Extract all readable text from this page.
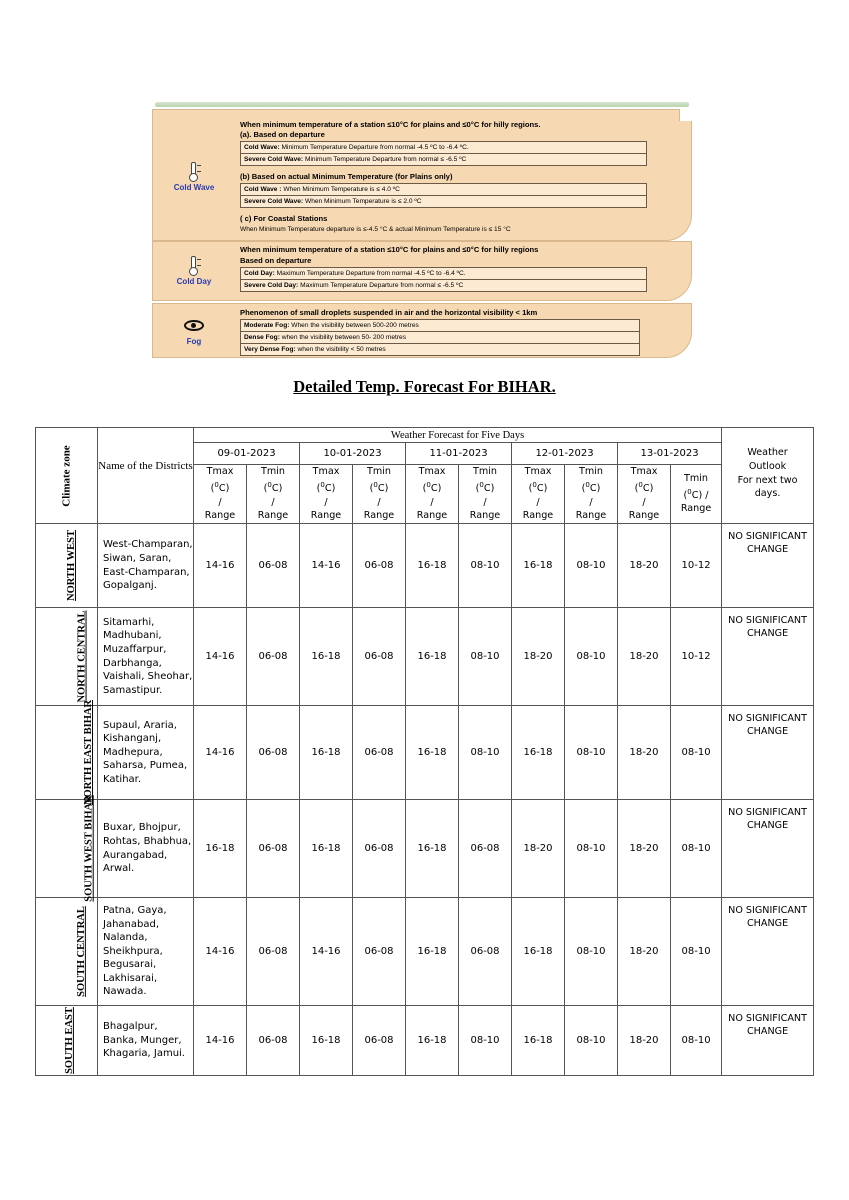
Cold Wave
When minimum temperature of a station ≤10°C for plains and ≤0°C for hilly regions.
(a). Based on departure
Cold Wave: Minimum Temperature Departure from normal -4.5 ºC to -6.4 ºC.
Severe Cold Wave: Minimum Temperature Departure from normal ≤ -6.5 ºC
(b) Based on actual Minimum Temperature (for Plains only)
Cold Wave : When Minimum Temperature is ≤ 4.0 ºC
Severe Cold Wave: When Minimum Temperature is ≤ 2.0 ºC
( c) For Coastal Stations
When Minimum Temperature departure is ≤-4.5 °C & actual Minimum Temperature is ≤ 15 °C
Cold Day
When minimum temperature of a station ≤10°C for plains and ≤0°C for hilly regions
Based on departure
Cold Day: Maximum Temperature Departure from normal -4.5 ºC to -6.4 ºC.
Severe Cold Day: Maximum Temperature Departure from normal ≤ -6.5 ºC
Fog
Phenomenon of small droplets suspended in air and the horizontal visibility < 1km
Moderate Fog: When the visibility between 500-200 metres
Dense Fog: when the visibility between 50- 200 metres
Very Dense Fog: when the visibility < 50 metres
Detailed Temp. Forecast For BIHAR.
Climate zone	Name of the Districts	Weather Forecast for Five Days										Weather
Outlook
For next two
days.
		09-01-2023		10-01-2023		11-01-2023		12-01-2023		13-01-2023		
		Tmax
($^0$C)
/
Range	Tmin
($^0$C)
/
Range	Tmax
($^0$C)
/
Range	Tmin
($^0$C)
/
Range	Tmax
($^0$C)
/
Range	Tmin
($^0$C)
/
Range	Tmax
($^0$C)
/
Range	Tmin
($^0$C)
/
Range	Tmax
($^0$C)
/
Range	Tmin
($^0$C) /
Range	
NORTH WEST	West-Champaran, Siwan, Saran, East-Champaran, Gopalganj.	14-16	06-08	14-16	06-08	16-18	08-10	16-18	08-10	18-20	10-12	NO SIGNIFICANT CHANGE
NORTH CENTRAL	Sitamarhi, Madhubani, Muzaffarpur, Darbhanga, Vaishali, Sheohar, Samastipur.	14-16	06-08	16-18	06-08	16-18	08-10	18-20	08-10	18-20	10-12	NO SIGNIFICANT CHANGE
NORTH EAST BIHAR	Supaul, Araria, Kishanganj, Madhepura, Saharsa, Pumea, Katihar.	14-16	06-08	16-18	06-08	16-18	08-10	16-18	08-10	18-20	08-10	NO SIGNIFICANT CHANGE
SOUTH WEST BIHAR	Buxar, Bhojpur, Rohtas, Bhabhua, Aurangabad, Arwal.	16-18	06-08	16-18	06-08	16-18	06-08	18-20	08-10	18-20	08-10	NO SIGNIFICANT CHANGE
SOUTH CENTRAL	Patna, Gaya, Jahanabad, Nalanda, Sheikhpura, Begusarai, Lakhisarai, Nawada.	14-16	06-08	14-16	06-08	16-18	06-08	16-18	08-10	18-20	08-10	NO SIGNIFICANT CHANGE
SOUTH EAST	Bhagalpur, Banka, Munger, Khagaria, Jamui.	14-16	06-08	16-18	06-08	16-18	08-10	16-18	08-10	18-20	08-10	NO SIGNIFICANT CHANGE
